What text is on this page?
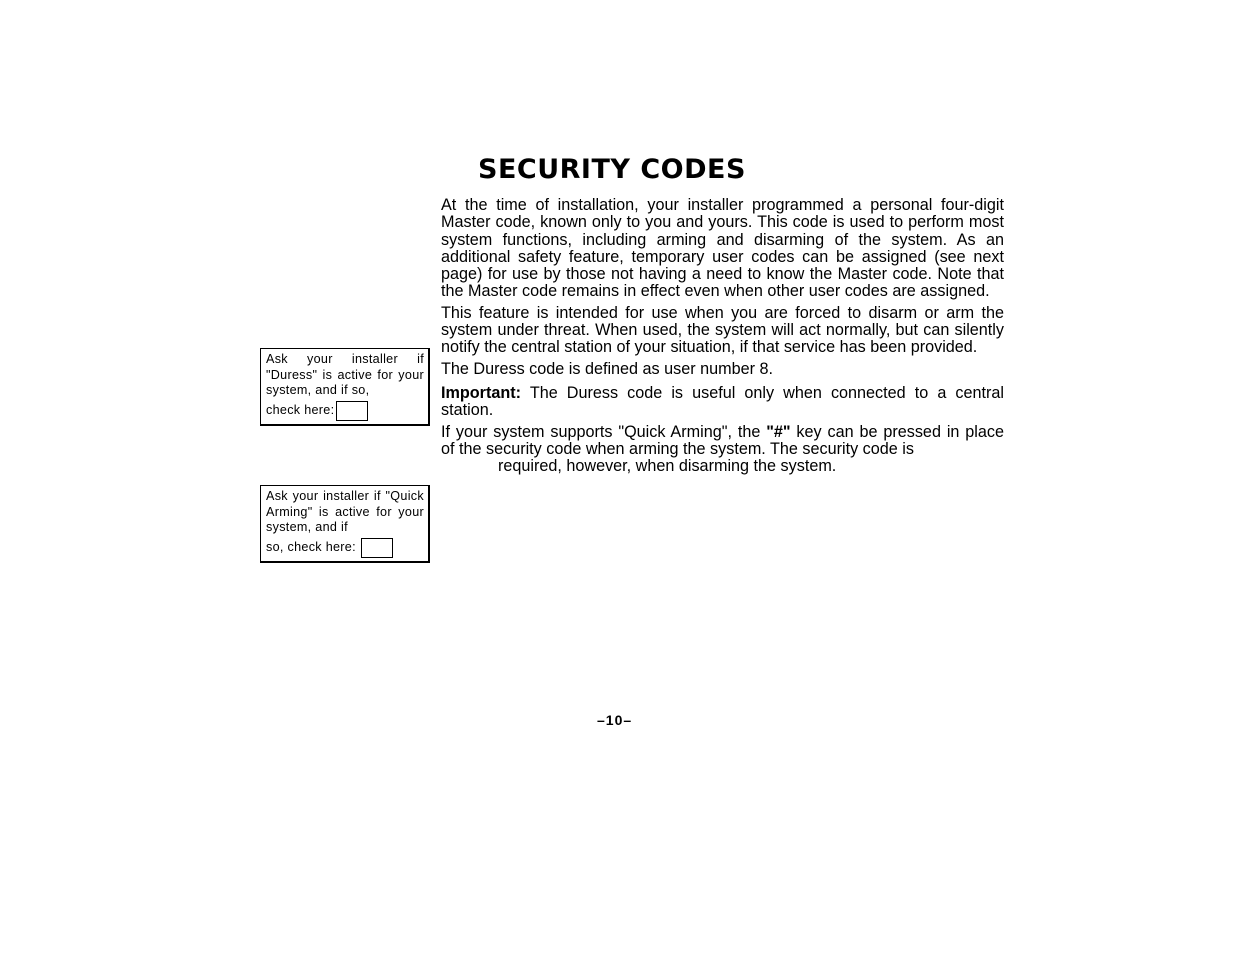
SECURITY CODES
Ask your installer if "Duress" is active for your system, and if so,
check here:
Ask your installer if "Quick Arming" is active for your system, and if
so, check here:

At the time of installation, your installer programmed a personal four-digit Master code, known only to you and yours. This code is used to perform most system functions, including arming and disarming of the system. As an additional safety feature, temporary user codes can be assigned (see next page) for use by those not having a need to know the Master code. Note that the Master code remains in effect even when other user codes are assigned.

This feature is intended for use when you are forced to disarm or arm the system under threat. When used, the system will act normally, but can silently notify the central station of your situation, if that service has been provided.

The Duress code is defined as user number 8.

Important: The Duress code is useful only when connected to a central station.

If your system supports "Quick Arming", the "#" key can be pressed in place of the security code when arming the system. The security code is
required, however, when disarming the system.

–10–
